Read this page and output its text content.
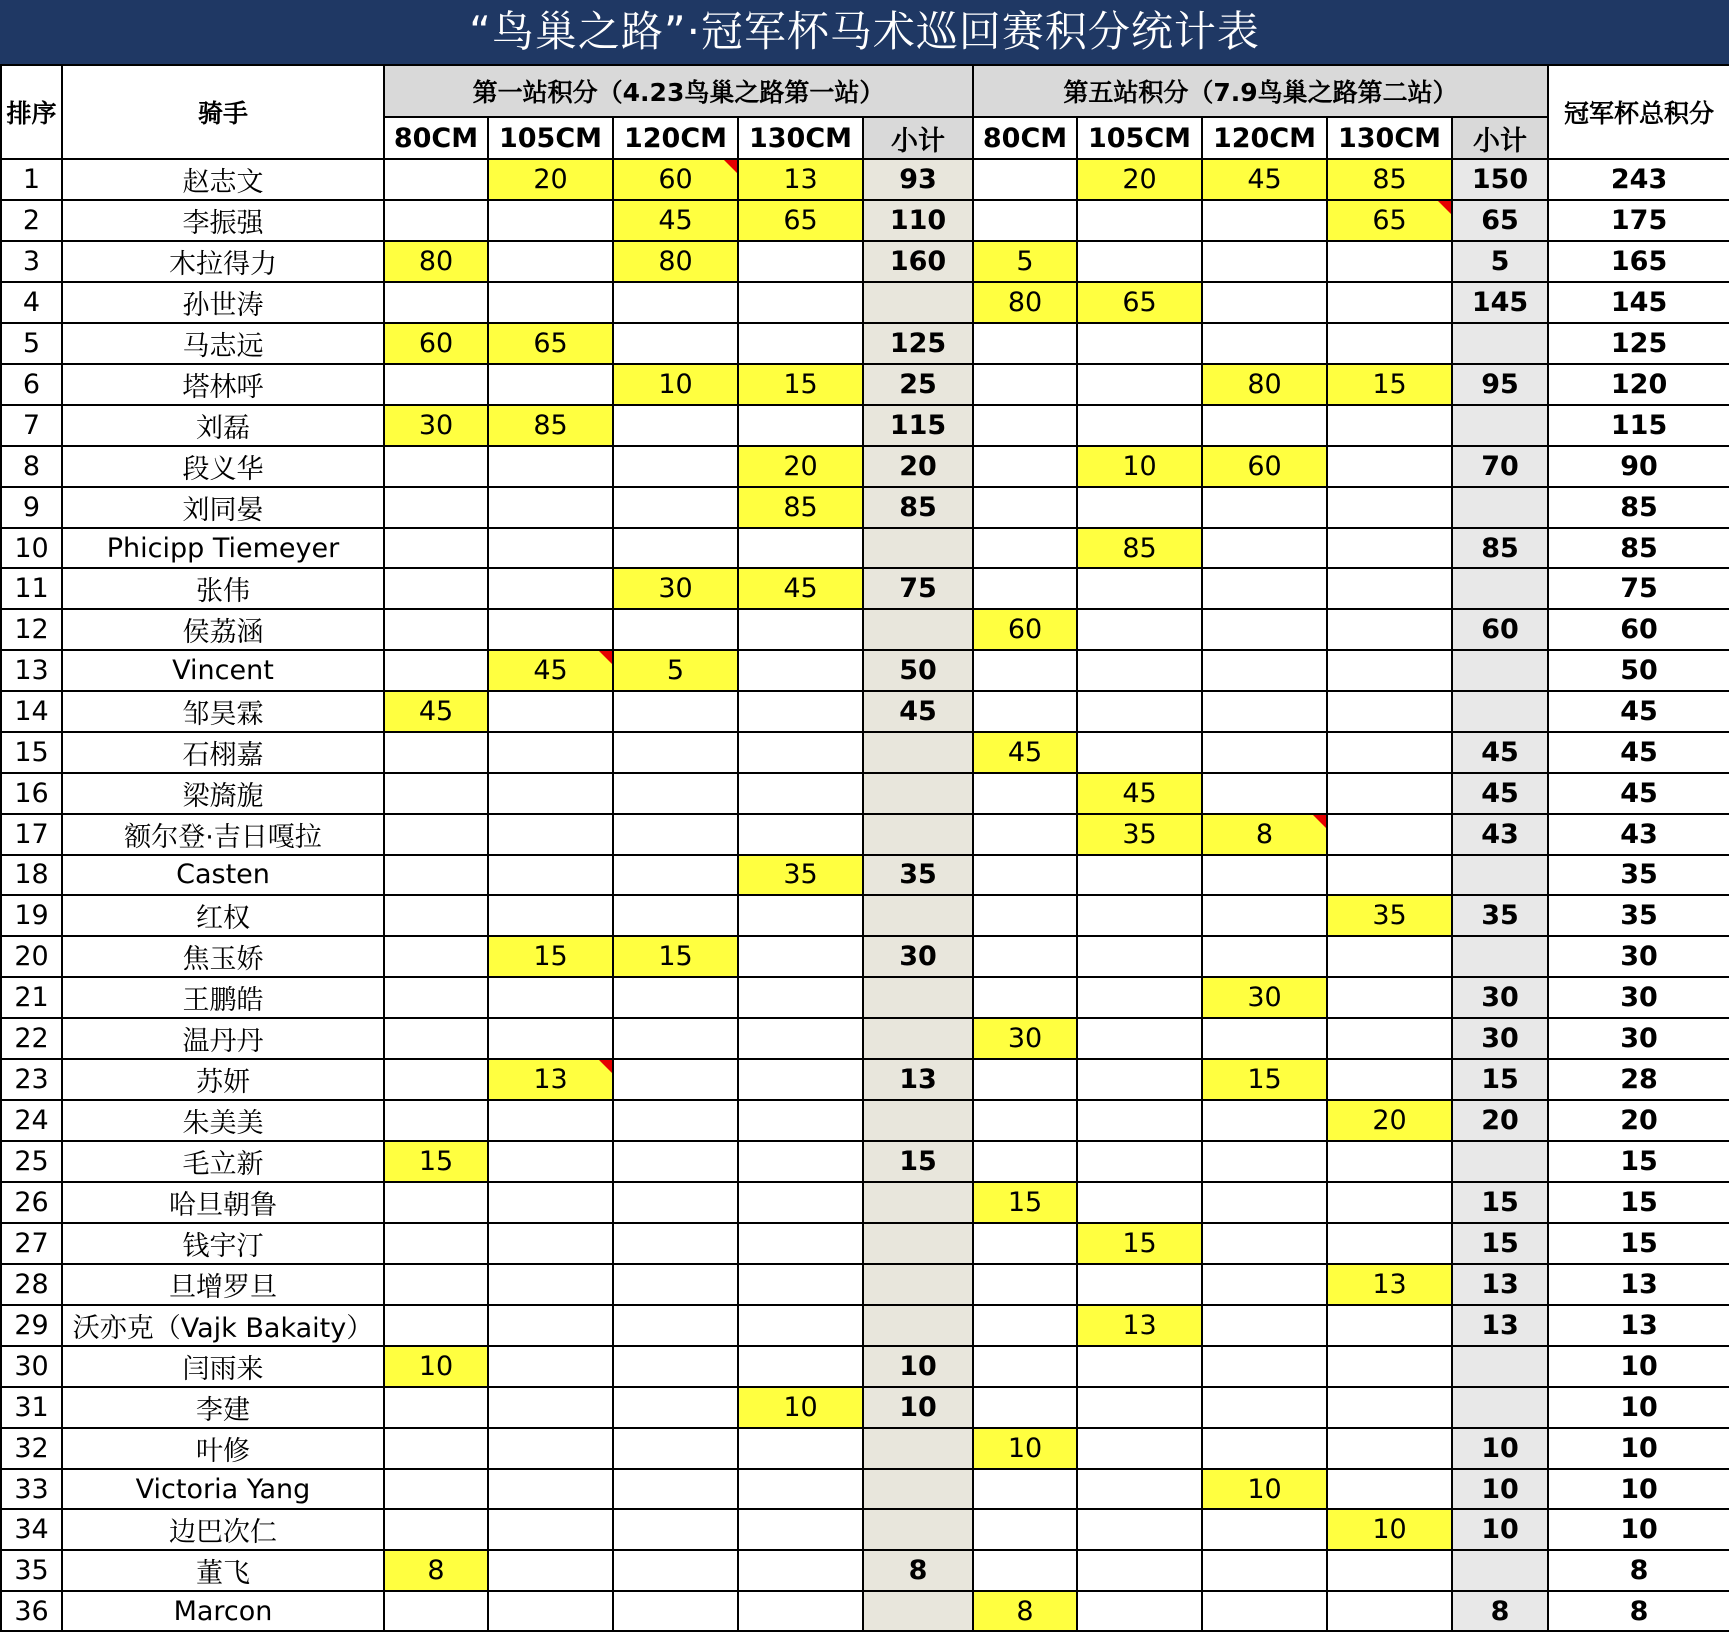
“鸟巢之路”·冠军杯马术巡回赛积分统计表
排序	骑手	第一站积分（4.23鸟巢之路第一站）					第五站积分（7.9鸟巢之路第二站）					冠军杯总积分
		80CM	105CM	120CM	130CM	小计	80CM	105CM	120CM	130CM	小计	
1	赵志文		20	60	13	93		20	45	85	150	243
2	李振强			45	65	110				65	65	175
3	木拉得力	80		80		160	5				5	165
4	孙世涛						80	65			145	145
5	马志远	60	65			125						125
6	塔林呼			10	15	25			80	15	95	120
7	刘磊	30	85			115						115
8	段义华				20	20		10	60		70	90
9	刘同晏				85	85						85
10	Phicipp Tiemeyer							85			85	85
11	张伟			30	45	75						75
12	侯荔涵						60				60	60
13	Vincent		45	5		50						50
14	邹昊霖	45				45						45
15	石栩嘉						45				45	45
16	梁旖旎							45			45	45
17	额尔登·吉日嘎拉							35	8		43	43
18	Casten				35	35						35
19	红权									35	35	35
20	焦玉娇		15	15		30						30
21	王鹏皓								30		30	30
22	温丹丹						30				30	30
23	苏妍		13			13			15		15	28
24	朱美美									20	20	20
25	毛立新	15				15						15
26	哈旦朝鲁						15				15	15
27	钱宇汀							15			15	15
28	旦增罗旦									13	13	13
29	沃亦克（Vajk Bakaity）							13			13	13
30	闫雨来	10				10						10
31	李建				10	10						10
32	叶修						10				10	10
33	Victoria Yang								10		10	10
34	边巴次仁									10	10	10
35	董飞	8				8						8
36	Marcon						8				8	8
